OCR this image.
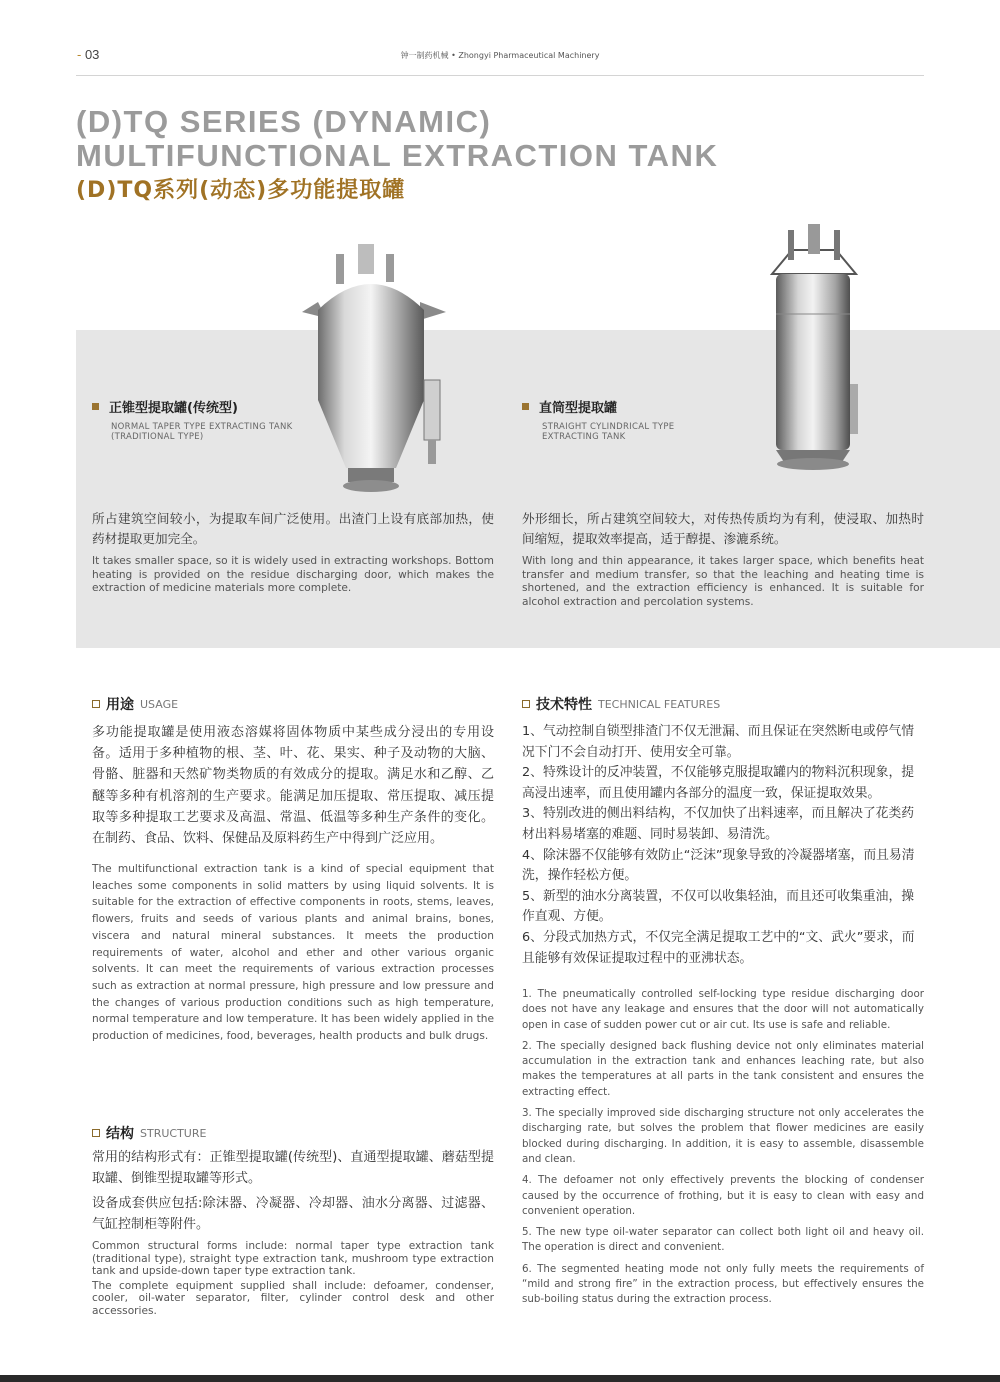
- 03	钟一制药机械 • Zhongyi Pharmaceutical Machinery
(D)TQ SERIES (DYNAMIC)
MULTIFUNCTIONAL EXTRACTION TANK
(D)TQ系列(动态)多功能提取罐
正锥型提取罐(传统型)
NORMAL TAPER TYPE EXTRACTING TANK
(TRADITIONAL TYPE)
直筒型提取罐
STRAIGHT CYLINDRICAL TYPE
EXTRACTING TANK
所占建筑空间较小，为提取车间广泛使用。出渣门上设有底部加热，使药材提取更加完全。
It takes smaller space, so it is widely used in extracting workshops. Bottom heating is provided on the residue discharging door, which makes the extraction of medicine materials more complete.
外形细长，所占建筑空间较大，对传热传质均为有利，使浸取、加热时间缩短，提取效率提高，适于醇提、渗漉系统。
With long and thin appearance, it takes larger space, which benefits heat transfer and medium transfer, so that the leaching and heating time is shortened, and the extraction efficiency is enhanced. It is suitable for alcohol extraction and percolation systems.
用途 USAGE
多功能提取罐是使用液态溶媒将固体物质中某些成分浸出的专用设备。适用于多种植物的根、茎、叶、花、果实、种子及动物的大脑、骨骼、脏器和天然矿物类物质的有效成分的提取。满足水和乙醇、乙醚等多种有机溶剂的生产要求。能满足加压提取、常压提取、减压提取等多种提取工艺要求及高温、常温、低温等多种生产条件的变化。在制药、食品、饮料、保健品及原料药生产中得到广泛应用。
The multifunctional extraction tank is a kind of special equipment that leaches some components in solid matters by using liquid solvents. It is suitable for the extraction of effective components in roots, stems, leaves, flowers, fruits and seeds of various plants and animal brains, bones, viscera and natural mineral substances. It meets the production requirements of water, alcohol and ether and other various organic solvents. It can meet the requirements of various extraction processes such as extraction at normal pressure, high pressure and low pressure and the changes of various production conditions such as high temperature, normal temperature and low temperature. It has been widely applied in the production of medicines, food, beverages, health products and bulk drugs.
结构 STRUCTURE

常用的结构形式有：正锥型提取罐(传统型)、直通型提取罐、蘑菇型提取罐、倒锥型提取罐等形式。

设备成套供应包括:除沫器、冷凝器、冷却器、油水分离器、过滤器、气缸控制柜等附件。

Common structural forms include: normal taper type extraction tank (traditional type), straight type extraction tank, mushroom type extraction tank and upside-down taper type extraction tank.
The complete equipment supplied shall include: defoamer, condenser, cooler, oil-water separator, filter, cylinder control desk and other accessories.
技术特性 TECHNICAL FEATURES
1、气动控制自锁型排渣门不仅无泄漏、而且保证在突然断电或停气情况下门不会自动打开、使用安全可靠。
2、特殊设计的反冲装置，不仅能够克服提取罐内的物料沉积现象，提高浸出速率，而且使用罐内各部分的温度一致，保证提取效果。
3、特别改进的侧出料结构，不仅加快了出料速率，而且解决了花类药材出料易堵塞的难题、同时易装卸、易清洗。
4、除沫器不仅能够有效防止“泛沫”现象导致的冷凝器堵塞，而且易清洗，操作轻松方便。
5、新型的油水分离装置，不仅可以收集轻油，而且还可收集重油，操作直观、方便。
6、分段式加热方式，不仅完全满足提取工艺中的“文、武火”要求，而且能够有效保证提取过程中的亚沸状态。
1. The pneumatically controlled self-locking type residue discharging door does not have any leakage and ensures that the door will not automatically open in case of sudden power cut or air cut. Its use is safe and reliable.
2. The specially designed back flushing device not only eliminates material accumulation in the extraction tank and enhances leaching rate, but also makes the temperatures at all parts in the tank consistent and ensures the extracting effect.
3. The specially improved side discharging structure not only accelerates the discharging rate, but solves the problem that flower medicines are easily blocked during discharging. In addition, it is easy to assemble, disassemble and clean.
4. The defoamer not only effectively prevents the blocking of condenser caused by the occurrence of frothing, but it is easy to clean with easy and convenient operation.
5. The new type oil-water separator can collect both light oil and heavy oil. The operation is direct and convenient.
6. The segmented heating mode not only fully meets the requirements of “mild and strong fire” in the extraction process, but effectively ensures the sub-boiling status during the extraction process.
